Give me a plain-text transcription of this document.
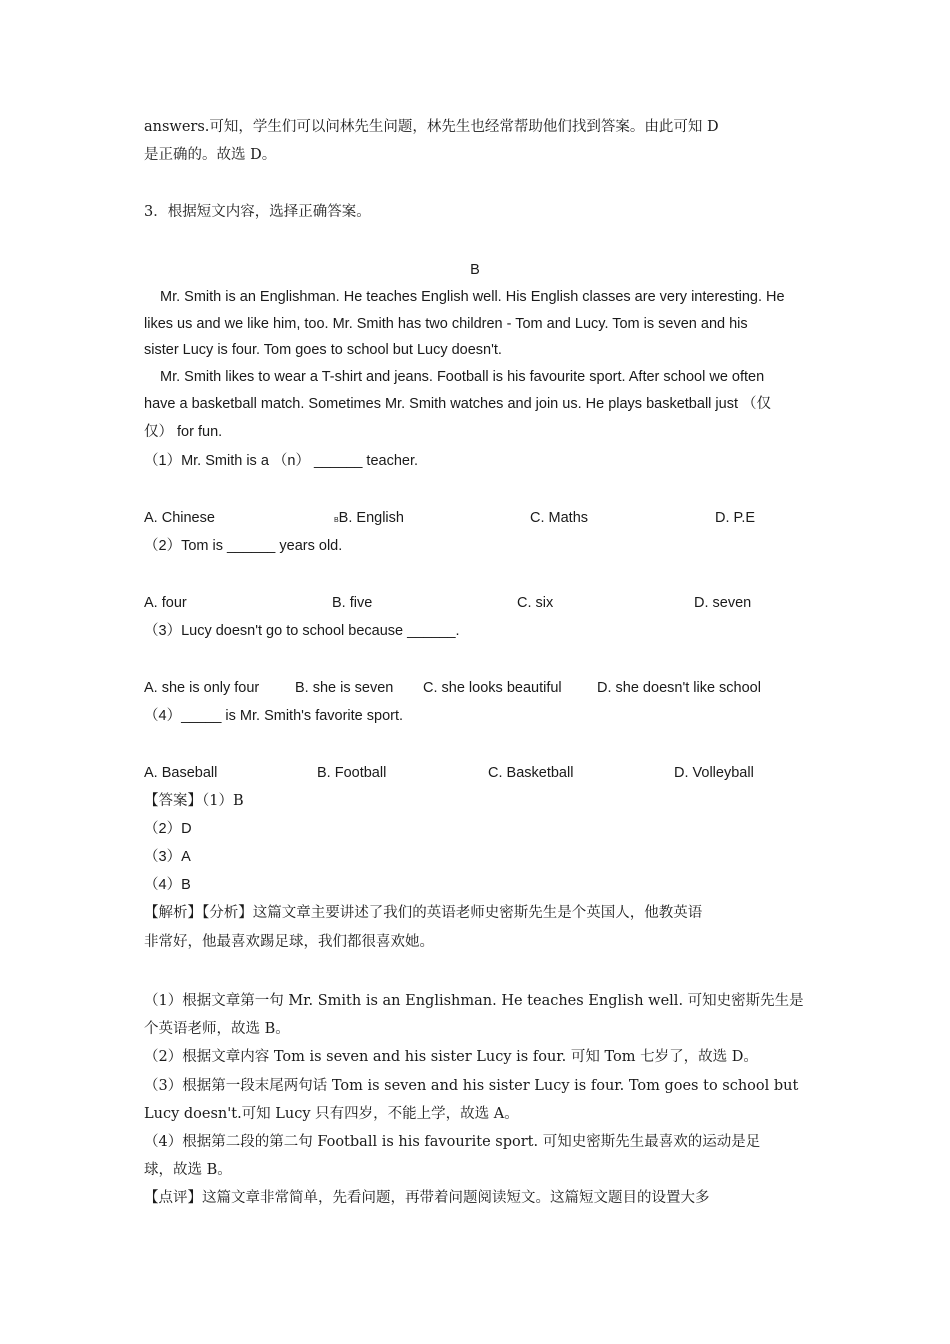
answers.可知，学生们可以问林先生问题，林先生也经常帮助他们找到答案。由此可知 D
是正确的。故选 D。
3．根据短文内容，选择正确答案。
B
Mr. Smith is an Englishman. He teaches English well. His English classes are very interesting. He
likes us and we like him, too. Mr. Smith has two children - Tom and Lucy. Tom is seven and his
sister Lucy is four. Tom goes to school but Lucy doesn't.
Mr. Smith likes to wear a T-shirt and jeans. Football is his favourite sport. After school we often
have a basketball match. Sometimes Mr. Smith watches and join us. He plays basketball just （仅
仅） for fun.
（1）Mr. Smith is a （n） ______ teacher.
A. Chinese	BB. English	C. Maths	D. P.E
（2）Tom is ______ years old.
A. four	B. five	C. six	D. seven
（3）Lucy doesn't go to school because ______.
A. she is only four B. she is seven C. she looks beautiful D. she doesn't like school
（4）_____ is Mr. Smith's favorite sport.
A. Baseball	B. Football	C. Basketball	D. Volleyball
【答案】（1）B
（2）D
（3）A
（4）B
【解析】【分析】这篇文章主要讲述了我们的英语老师史密斯先生是个英国人，他教英语
非常好，他最喜欢踢足球，我们都很喜欢她。
（1）根据文章第一句 Mr. Smith is an Englishman. He teaches English well. 可知史密斯先生是
个英语老师，故选 B。
（2）根据文章内容 Tom is seven and his sister Lucy is four. 可知 Tom 七岁了，故选 D。
（3）根据第一段末尾两句话 Tom is seven and his sister Lucy is four. Tom goes to school but
Lucy doesn't.可知 Lucy 只有四岁，不能上学，故选 A。
（4）根据第二段的第二句 Football is his favourite sport. 可知史密斯先生最喜欢的运动是足
球，故选 B。
【点评】这篇文章非常简单，先看问题，再带着问题阅读短文。这篇短文题目的设置大多
